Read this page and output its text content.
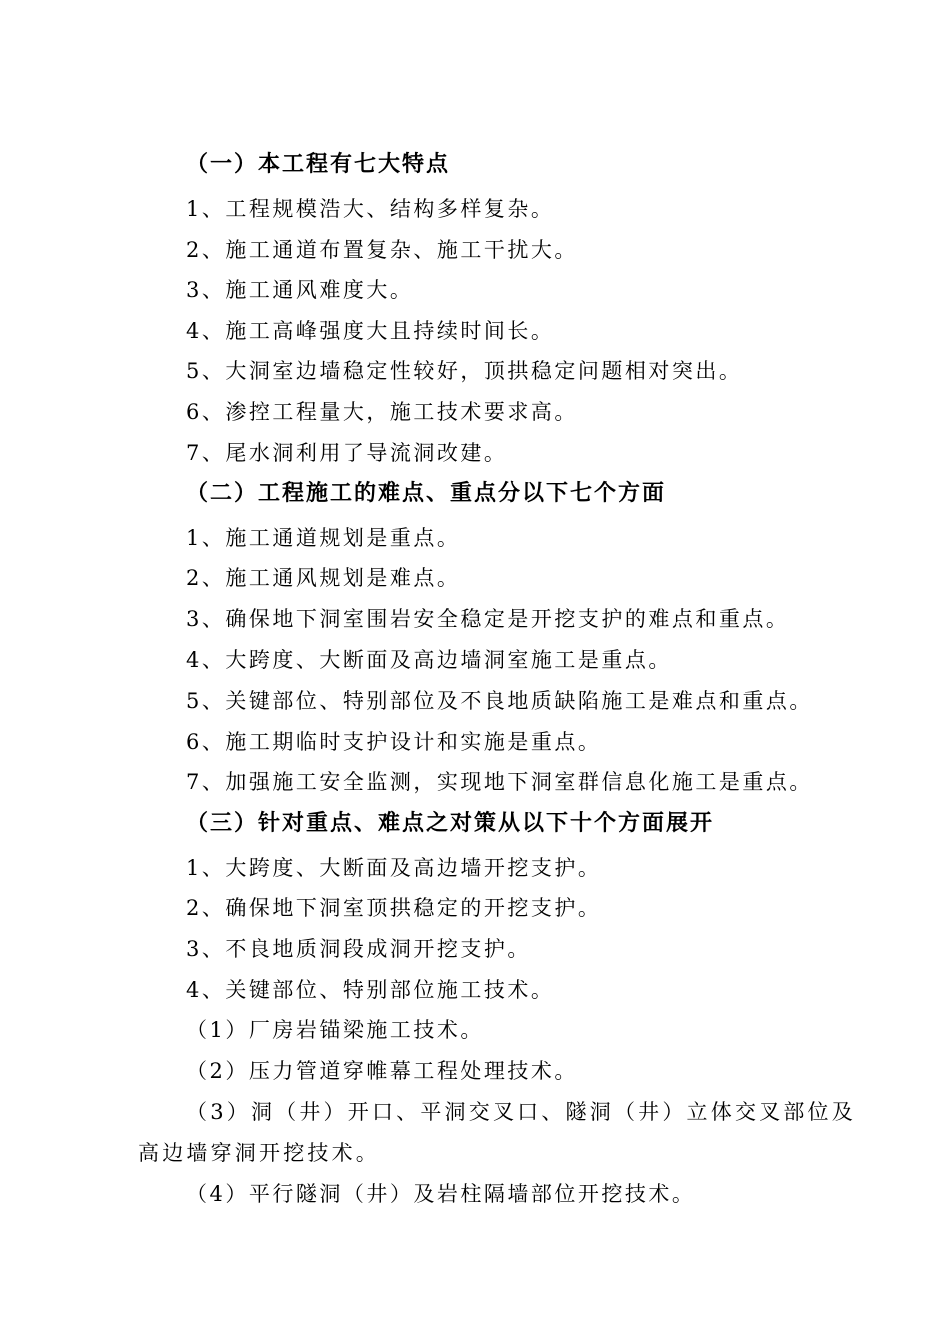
（一）本工程有七大特点
1、工程规模浩大、结构多样复杂。
2、施工通道布置复杂、施工干扰大。
3、施工通风难度大。
4、施工高峰强度大且持续时间长。
5、大洞室边墙稳定性较好，顶拱稳定问题相对突出。
6、渗控工程量大，施工技术要求高。
7、尾水洞利用了导流洞改建。
（二）工程施工的难点、重点分以下七个方面
1、施工通道规划是重点。
2、施工通风规划是难点。
3、确保地下洞室围岩安全稳定是开挖支护的难点和重点。
4、大跨度、大断面及高边墙洞室施工是重点。
5、关键部位、特别部位及不良地质缺陷施工是难点和重点。
6、施工期临时支护设计和实施是重点。
7、加强施工安全监测，实现地下洞室群信息化施工是重点。
（三）针对重点、难点之对策从以下十个方面展开
1、大跨度、大断面及高边墙开挖支护。
2、确保地下洞室顶拱稳定的开挖支护。
3、不良地质洞段成洞开挖支护。
4、关键部位、特别部位施工技术。
（1）厂房岩锚梁施工技术。
（2）压力管道穿帷幕工程处理技术。
（3）洞（井）开口、平洞交叉口、隧洞（井）立体交叉部位及高边墙穿洞开挖技术。
（4）平行隧洞（井）及岩柱隔墙部位开挖技术。
